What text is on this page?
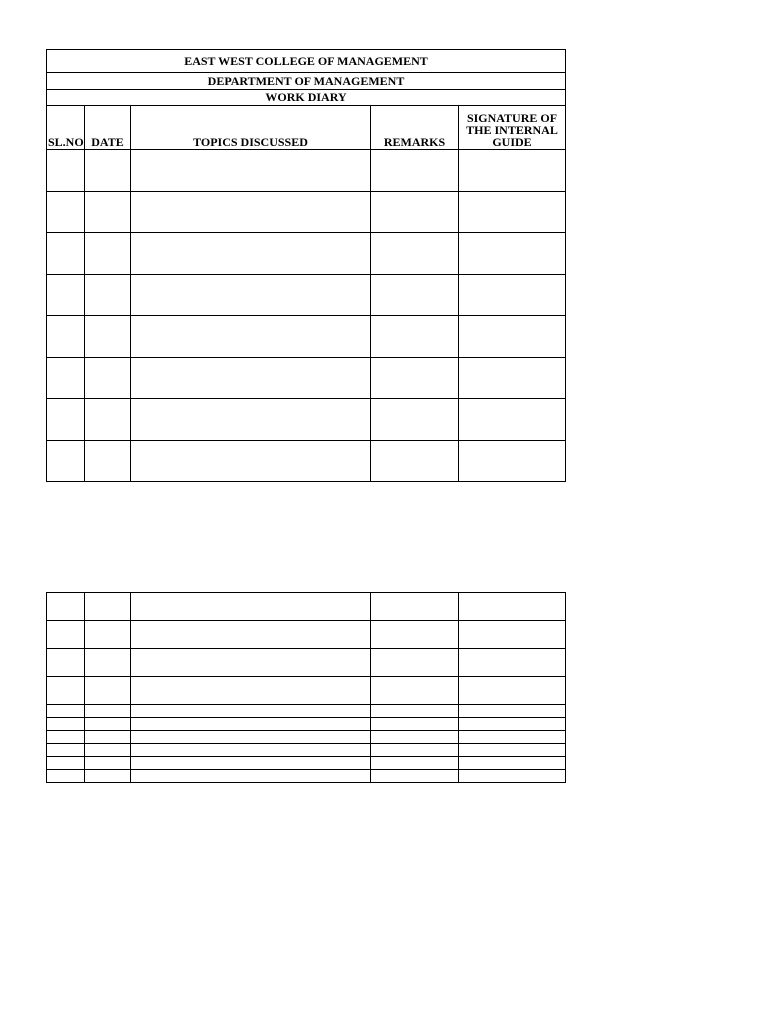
EAST WEST COLLEGE OF MANAGEMENT				
DEPARTMENT OF MANAGEMENT				
WORK DIARY				
SL.NO	DATE	TOPICS DISCUSSED	REMARKS	SIGNATURE OF
THE INTERNAL
GUIDE
